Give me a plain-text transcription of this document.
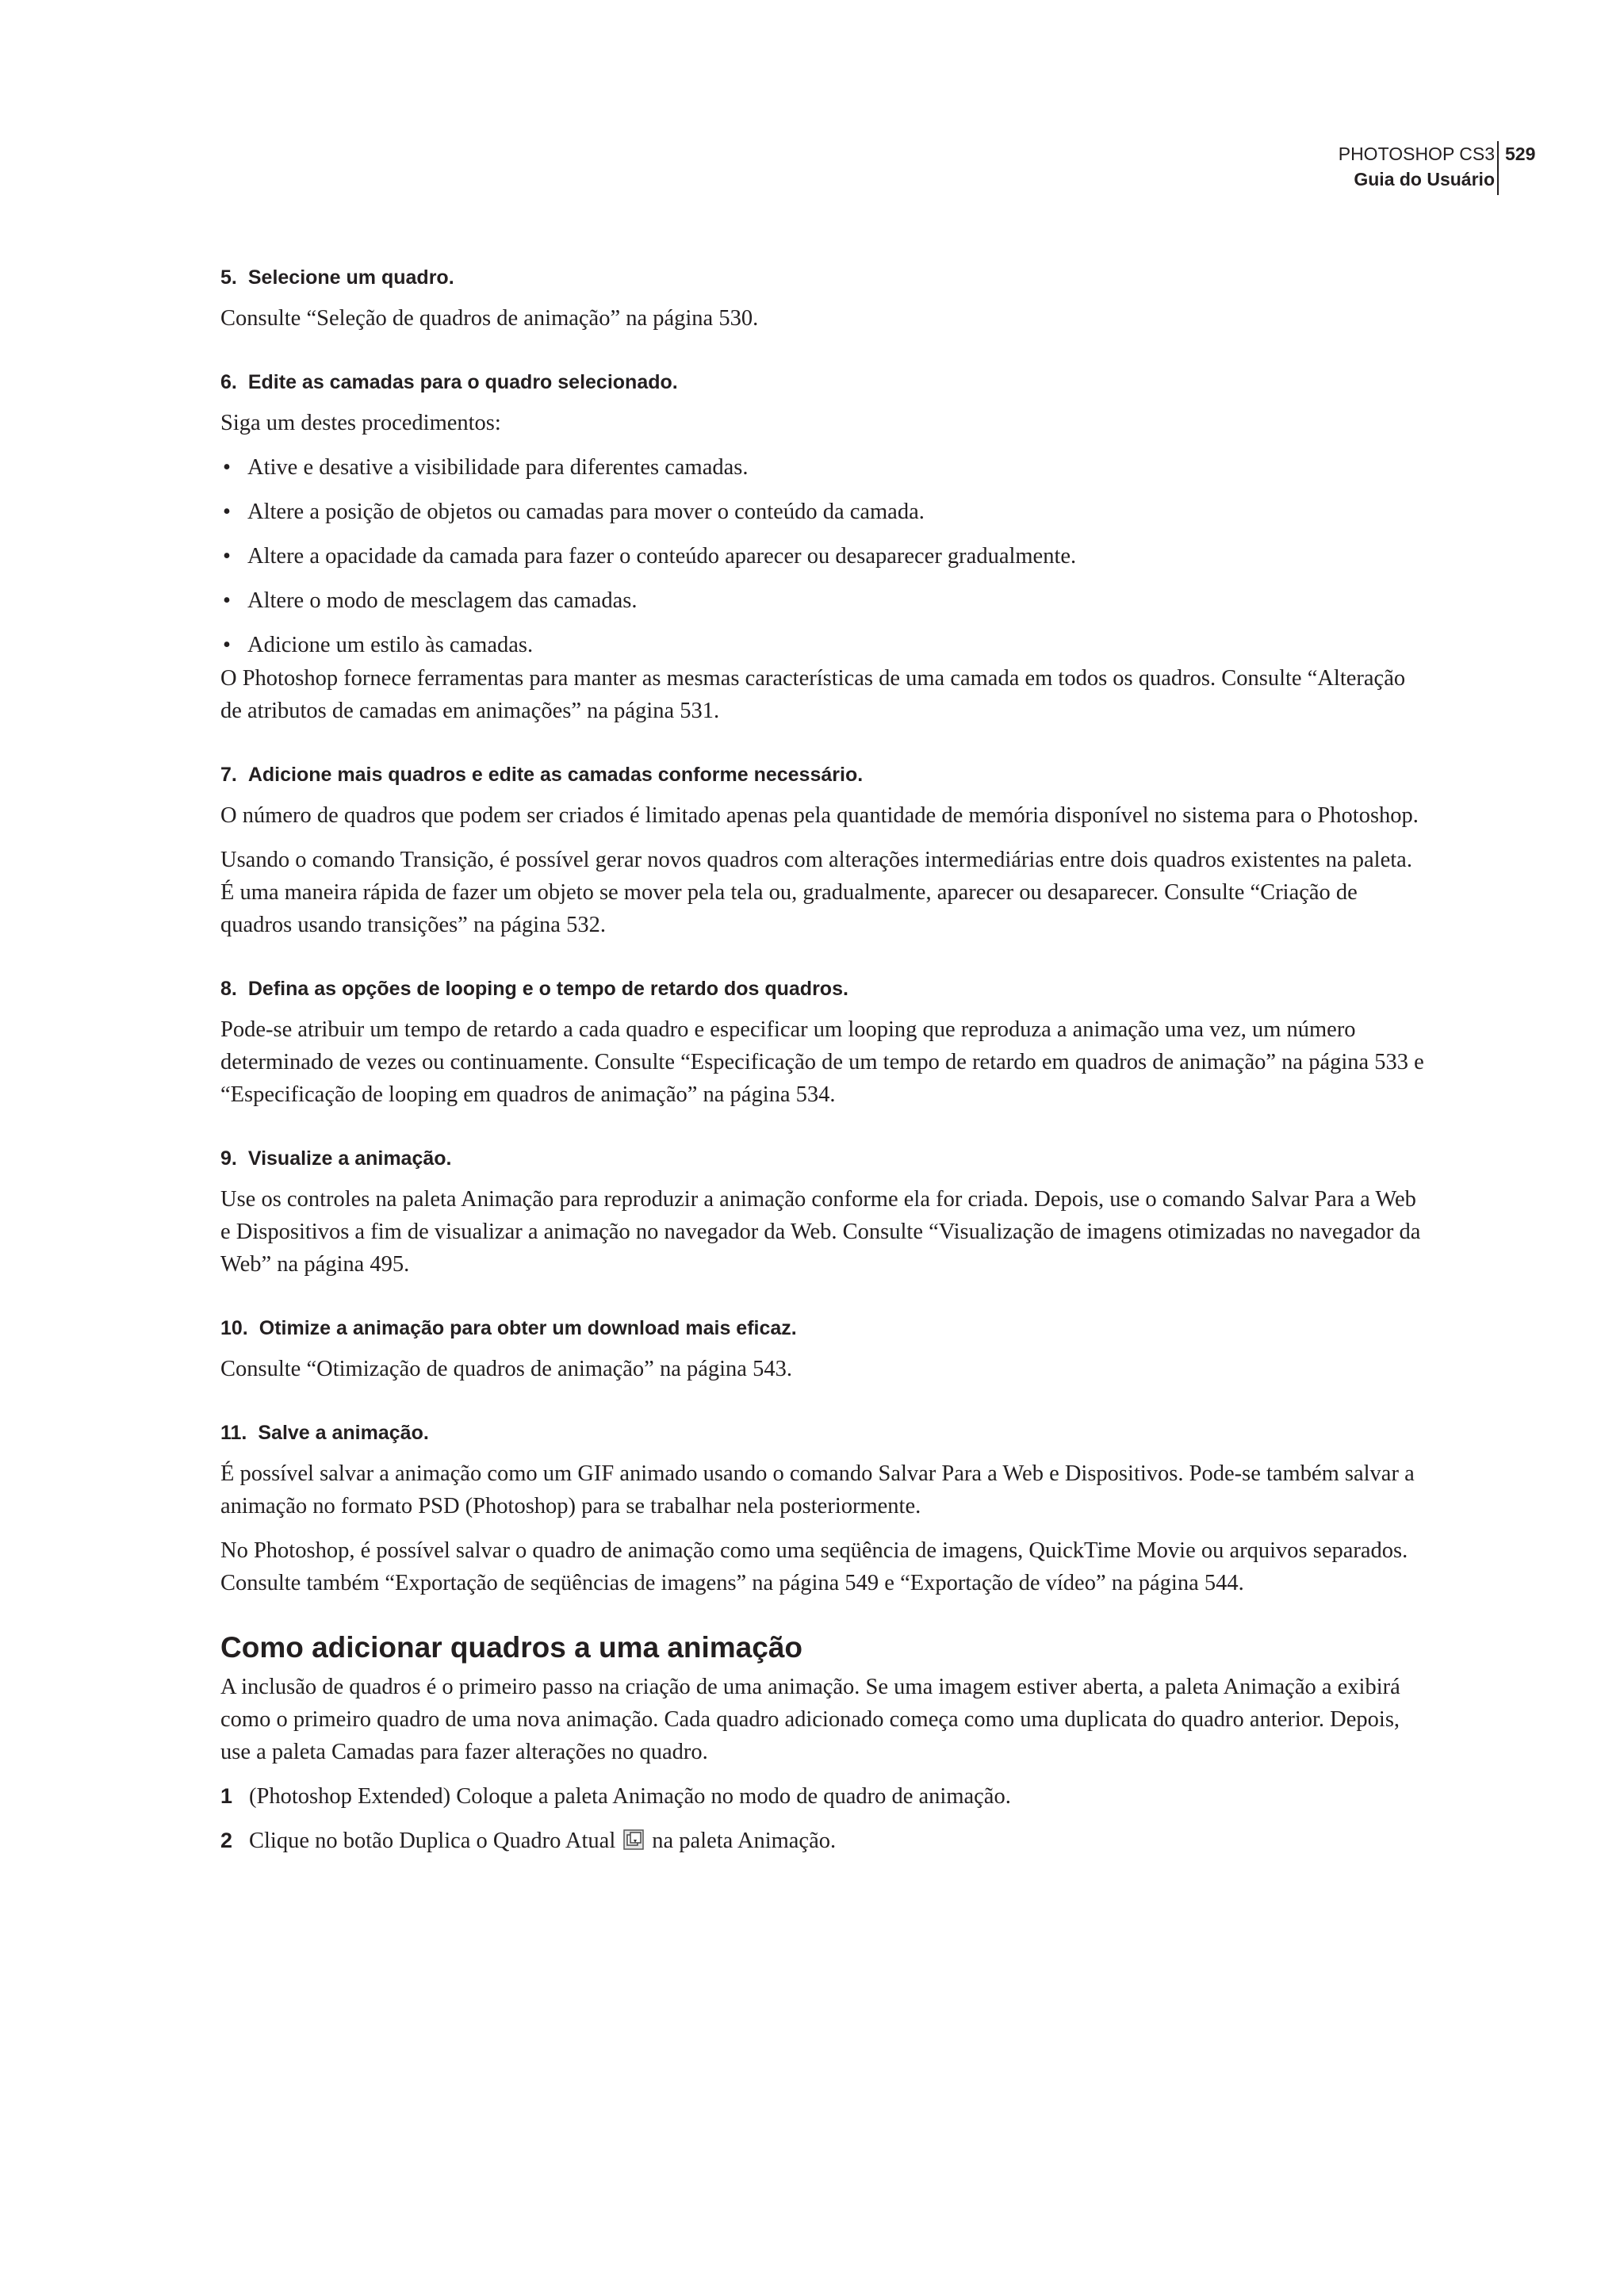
PHOTOSHOP CS3
Guia do Usuário
529
5. Selecione um quadro.

Consulte “Seleção de quadros de animação” na página 530.

6. Edite as camadas para o quadro selecionado.

Siga um destes procedimentos:

• Ative e desative a visibilidade para diferentes camadas.
• Altere a posição de objetos ou camadas para mover o conteúdo da camada.
• Altere a opacidade da camada para fazer o conteúdo aparecer ou desaparecer gradualmente.
• Altere o modo de mesclagem das camadas.
• Adicione um estilo às camadas.

O Photoshop fornece ferramentas para manter as mesmas características de uma camada em todos os quadros. Consulte “Alteração de atributos de camadas em animações” na página 531.

7. Adicione mais quadros e edite as camadas conforme necessário.

O número de quadros que podem ser criados é limitado apenas pela quantidade de memória disponível no sistema para o Photoshop.

Usando o comando Transição, é possível gerar novos quadros com alterações intermediárias entre dois quadros existentes na paleta. É uma maneira rápida de fazer um objeto se mover pela tela ou, gradualmente, aparecer ou desaparecer. Consulte “Criação de quadros usando transições” na página 532.

8. Defina as opções de looping e o tempo de retardo dos quadros.

Pode-se atribuir um tempo de retardo a cada quadro e especificar um looping que reproduza a animação uma vez, um número determinado de vezes ou continuamente. Consulte “Especificação de um tempo de retardo em quadros de animação” na página 533 e “Especificação de looping em quadros de animação” na página 534.

9. Visualize a animação.

Use os controles na paleta Animação para reproduzir a animação conforme ela for criada. Depois, use o comando Salvar Para a Web e Dispositivos a fim de visualizar a animação no navegador da Web. Consulte “Visualização de imagens otimizadas no navegador da Web” na página 495.

10. Otimize a animação para obter um download mais eficaz.

Consulte “Otimização de quadros de animação” na página 543.

11. Salve a animação.

É possível salvar a animação como um GIF animado usando o comando Salvar Para a Web e Dispositivos. Pode-se também salvar a animação no formato PSD (Photoshop) para se trabalhar nela posteriormente.

No Photoshop, é possível salvar o quadro de animação como uma seqüência de imagens, QuickTime Movie ou arquivos separados. Consulte também “Exportação de seqüências de imagens” na página 549 e “Exportação de vídeo” na página 544.

Como adicionar quadros a uma animação

A inclusão de quadros é o primeiro passo na criação de uma animação. Se uma imagem estiver aberta, a paleta Animação a exibirá como o primeiro quadro de uma nova animação. Cada quadro adicionado começa como uma duplicata do quadro anterior. Depois, use a paleta Camadas para fazer alterações no quadro.

1 (Photoshop Extended) Coloque a paleta Animação no modo de quadro de animação.
2 Clique no botão Duplica o Quadro Atual na paleta Animação.
